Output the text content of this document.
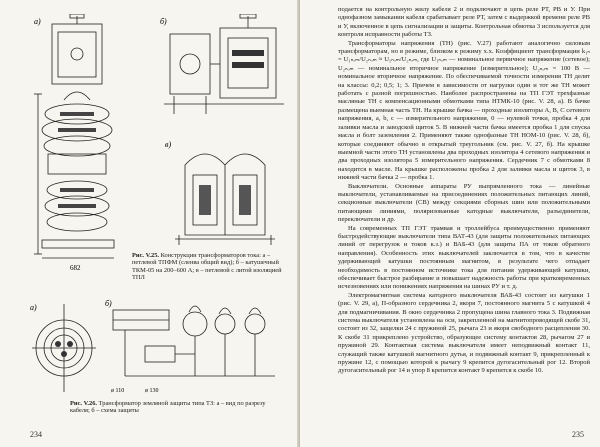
а)
682
б)
в)
Рис. V.25. Конструкции трансформаторов тока: а – петлевой ТПФМ (сленва общий вид); б – катушечный ТКМ-05 на 200–600 А; в – петлевой с литой изоляцией ТПЛ
а)	б)
ø 110	ø 130
Рис. V.26. Трансформатор земляной защиты типа ТЗ: а – вид по разрезу кабеля; б – схема защиты
234

подается на контрольную жилу кабеля 2 и подключают в цепь реле РТ, РВ и У. При однофазном замыкании кабеля срабатывает реле РТ, затем с выдержкой времени реле РВ и У, включенное в цепь сигнализации и защиты. Контрольная обмотка 3 используется для контроля исправности работы ТЗ.

Трансформаторы напряжения (ТН) (рис. V.27) работают аналогично силовым трансформаторам, но в режиме, близком к режиму х.х. Коэффициент трансформации k₁ₙ = U₁ₙₒₘ/U₂ₙₒₘ ≈ U₁ₙₒₘ/U₂ₙₒₘ, где U₁ₙₒₘ — номинальное первичное напряжение (сетевое); U₂ₙₒₘ — номинальное вторичное напряжение (измерительное); U₂ₙₒₘ = 100 В — номинальное вторичное напряжение. По обеспечиваемой точности измерения ТН делят на классы: 0,2; 0,5; 1; 3. Причем в зависимости от нагрузки один и тот же ТН может работать с разной погрешностью. Наиболее распространены на ТП ГЭТ трехфазные масляные ТН с компенсационными обмотками типа НТМК-10 (рис. V. 28, а). В бачке размещена выемная часть ТН. На крышке бачка — проходные изоляторы А, В, С сетевого напряжения, а, b, с — измерительного напряжения, 0 — нулевой точки, пробка 4 для заливки масла и заводской щиток 5. В нижней части бачка имеется пробка 1 для спуска масла и болт заземления 2. Применяют также однофазные ТН НОМ-10 (рис. V. 28, б), которые соединяют обычно в открытый треугольник (см. рис. V. 27, б). На крышке выемной части этого ТН установлены два проходных изолятора 4 сетевого напряжения и два проходных изолятора 5 измерительного напряжения. Сердечник 7 с обмотками 8 находится в масле. На крышке расположены пробка 2 для заливки масла и щиток 3, в нижней части бачка 2 — пробка 1.

Выключатели. Основные аппараты РУ выпрямленного тока — линейные выключатели, устанавливаемые на присоединениях положительных питающих линий, секционные выключатели (СВ) между секциями сборных шин или положительными питающими линиями, поляризованные катодные выключатели, разъединители, переключатели и др.

На современных ТП ГЭТ трамвая и троллейбуса преимущественно применяют быстродействующие выключатели типа ВАТ-43 (для защиты положительных питающих линий от перегрузок и токов к.з.) и ВАБ-43 (для защиты ПА от токов обратного направления). Особенность этих выключателей заключается в том, что в качестве удерживающей катушки постоянным магнитом, в результате чего отпадает необходимость в постоянном источнике тока для питания удерживающей катушки, обеспечивает быстрое разбирание и повышает надежность работы при кратковременных исчезновениях или понижениях напряжения на шинах РУ и т. д.

Электромагнитная система катодного выключателя ВАБ-43 состоит из катушки 1 (рис. V. 29, а), П-образного сердечника 2, якоря 7, постоянного магнита 5 с катушкой 4 для подмагничивания. В окно сердечника 2 пропущена шина главного тока 3. Подвижная система выключателя установлена на оси, закрепленной на магнитопроводящей скобе 31, состоит из 32, защелки 24 с пружиной 25, рычага 23 и якоря свободного расцепления 30. К скобе 31 прикреплено устройство, образующее систему контактов 28, рычагом 27 и пружиной 29. Контактная система выключателя имеет неподвижный контакт 11, служащий также катушкой магнитного дутья, и подвижный контакт 9, прикрепленный к пружине 12, с помощью которой к рычагу 9 крепится дугогасительный рог 12. Второй дугогасительный рог 14 и упор 8 крепится контакт 9 крепится к скобе 10.

235
